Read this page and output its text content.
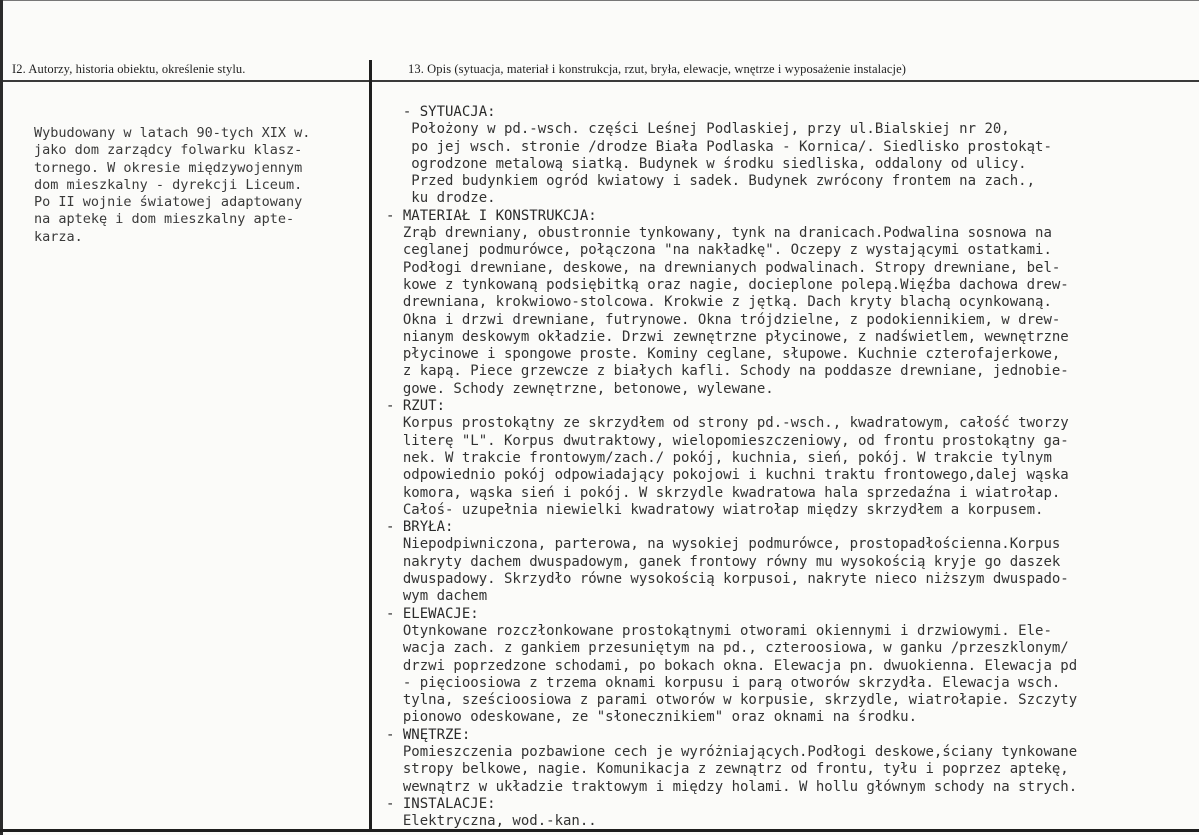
I2. Autorzy, historia obiektu, określenie stylu.	13. Opis (sytuacja, materiał i konstrukcja, rzut, bryła, elewacje, wnętrze i wyposażenie instalacje)
Wybudowany w latach 90-tych XIX w.
jako dom zarządcy folwarku klasz-
tornego. W okresie międzywojennym
dom mieszkalny - dyrekcji Liceum.
Po II wojnie światowej adaptowany
na aptekę i dom mieszkalny apte-
karza.
- SYTUACJA:
Położony w pd.-wsch. części Leśnej Podlaskiej, przy ul.Bialskiej nr 20,
po jej wsch. stronie /drodze Biała Podlaska - Kornica/. Siedlisko prostokąt-
ogrodzone metalową siatką. Budynek w środku siedliska, oddalony od ulicy.
Przed budynkiem ogród kwiatowy i sadek. Budynek zwrócony frontem na zach.,
ku drodze.
- MATERIAŁ I KONSTRUKCJA:
Zrąb drewniany, obustronnie tynkowany, tynk na dranicach.Podwalina sosnowa na
ceglanej podmurówce, połączona "na nakładkę". Oczepy z wystającymi ostatkami.
Podłogi drewniane, deskowe, na drewnianych podwalinach. Stropy drewniane, bel-
kowe z tynkowaną podsiębitką oraz nagie, docieplone polepą.Więźba dachowa drew-
drewniana, krokwiowo-stolcowa. Krokwie z jętką. Dach kryty blachą ocynkowaną.
Okna i drzwi drewniane, futrynowe. Okna trójdzielne, z podokiennikiem, w drew-
nianym deskowym okładzie. Drzwi zewnętrzne płycinowe, z nadświetlem, wewnętrzne
płycinowe i spongowe proste. Kominy ceglane, słupowe. Kuchnie czterofajerkowe,
z kapą. Piece grzewcze z białych kafli. Schody na poddasze drewniane, jednobie-
gowe. Schody zewnętrzne, betonowe, wylewane.
- RZUT:
Korpus prostokątny ze skrzydłem od strony pd.-wsch., kwadratowym, całość tworzy
literę "L". Korpus dwutraktowy, wielopomieszczeniowy, od frontu prostokątny ga-
nek. W trakcie frontowym/zach./ pokój, kuchnia, sień, pokój. W trakcie tylnym
odpowiednio pokój odpowiadający pokojowi i kuchni traktu frontowego,dalej wąska
komora, wąska sień i pokój. W skrzydle kwadratowa hala sprzedaźna i wiatrołap.
Całoś- uzupełnia niewielki kwadratowy wiatrołap między skrzydłem a korpusem.
- BRYŁA:
Niepodpiwniczona, parterowa, na wysokiej podmurówce, prostopadłościenna.Korpus
nakryty dachem dwuspadowym, ganek frontowy równy mu wysokością kryje go daszek
dwuspadowy. Skrzydło równe wysokością korpusoi, nakryte nieco niższym dwuspado-
wym dachem
- ELEWACJE:
Otynkowane rozczłonkowane prostokątnymi otworami okiennymi i drzwiowymi. Ele-
wacja zach. z gankiem przesuniętym na pd., czteroosiowa, w ganku /przeszklonym/
drzwi poprzedzone schodami, po bokach okna. Elewacja pn. dwuokienna. Elewacja pd
- pięcioosiowa z trzema oknami korpusu i parą otworów skrzydła. Elewacja wsch.
tylna, sześcioosiowa z parami otworów w korpusie, skrzydle, wiatrołapie. Szczyty
pionowo odeskowane, ze "słonecznikiem" oraz oknami na środku.
- WNĘTRZE:
Pomieszczenia pozbawione cech je wyróżniających.Podłogi deskowe,ściany tynkowane
stropy belkowe, nagie. Komunikacja z zewnątrz od frontu, tyłu i poprzez aptekę,
wewnątrz w układzie traktowym i między holami. W hollu głównym schody na strych.
- INSTALACJE:
Elektryczna, wod.-kan..
